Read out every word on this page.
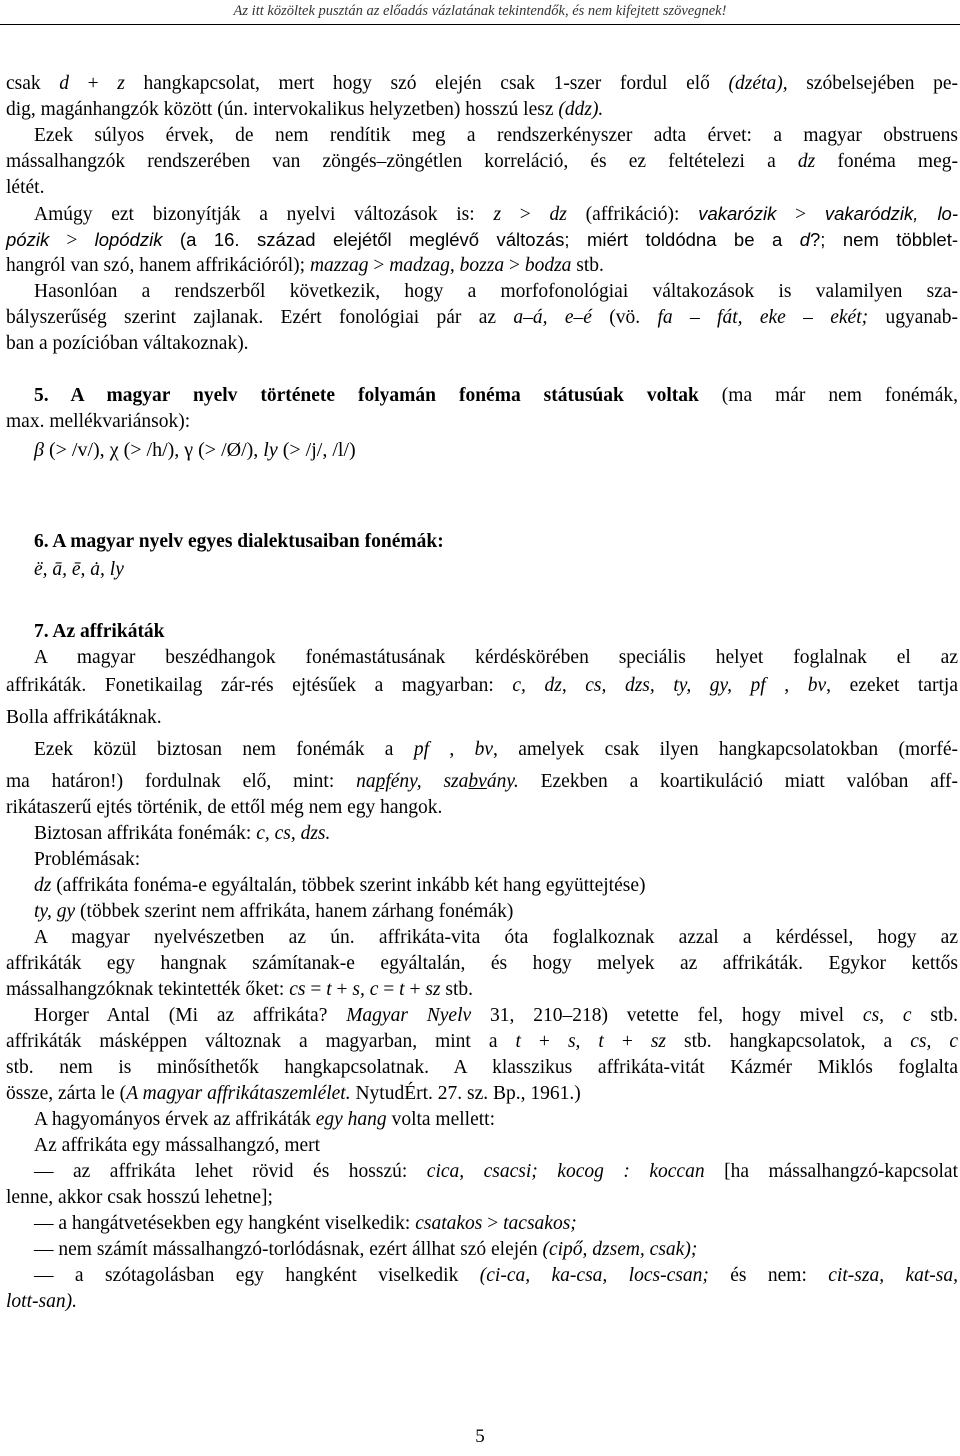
Az itt közöltek pusztán az előadás vázlatának tekintendők, és nem kifejtett szövegnek!
csak d + z hangkapcsolat, mert hogy szó elején csak 1-szer fordul elő (dzéta), szóbelsejében pe-
dig, magánhangzók között (ún. intervokalikus helyzetben) hosszú lesz (ddz).
Ezek súlyos érvek, de nem rendítik meg a rendszerkényszer adta érvet: a magyar obstruens
mássalhangzók rendszerében van zöngés–zöngétlen korreláció, és ez feltételezi a dz fonéma meg-
létét.
Amúgy ezt bizonyítják a nyelvi változások is: z > dz (affrikáció): vakarózik > vakaródzik, lo-
pózik > lopódzik (a 16. század elejétől meglévő változás; miért toldódna be a d?; nem többlet-
hangról van szó, hanem affrikációról); mazzag > madzag, bozza > bodza stb.
Hasonlóan a rendszerből következik, hogy a morfofonológiai váltakozások is valamilyen sza-
bályszerűség szerint zajlanak. Ezért fonológiai pár az a–á, e–é (vö. fa – fát, eke – ekét; ugyanab-
ban a pozícióban váltakoznak).
5. A magyar nyelv története folyamán fonéma státusúak voltak (ma már nem fonémák,
max. mellékvariánsok):
β (> /v/), χ (> /h/), γ (> /Ø/), ly (> /j/, /l/)
6. A magyar nyelv egyes dialektusaiban fonémák:
ë, ā, ē, ȧ, ly
7. Az affrikáták
A magyar beszédhangok fonémastátusának kérdéskörében speciális helyet foglalnak el az
affrikáták. Fonetikailag zár-rés ejtésűek a magyarban: c, dz, cs, dzs, ty, gy, pf , bv, ezeket tartja
Bolla affrikátáknak.
Ezek közül biztosan nem fonémák a pf , bv, amelyek csak ilyen hangkapcsolatokban (morfé-
ma határon!) fordulnak elő, mint: napfény, szabvány. Ezekben a koartikuláció miatt valóban aff-
rikátaszerű ejtés történik, de ettől még nem egy hangok.
Biztosan affrikáta fonémák: c, cs, dzs.
Problémásak:
dz (affrikáta fonéma-e egyáltalán, többek szerint inkább két hang együttejtése)
ty, gy (többek szerint nem affrikáta, hanem zárhang fonémák)
A magyar nyelvészetben az ún. affrikáta-vita óta foglalkoznak azzal a kérdéssel, hogy az
affrikáták egy hangnak számítanak-e egyáltalán, és hogy melyek az affrikáták. Egykor kettős
mássalhangzóknak tekintették őket: cs = t + s, c = t + sz stb.
Horger Antal (Mi az affrikáta? Magyar Nyelv 31, 210–218) vetette fel, hogy mivel cs, c stb.
affrikáták másképpen változnak a magyarban, mint a t + s, t + sz stb. hangkapcsolatok, a cs, c
stb. nem is minősíthetők hangkapcsolatnak. A klasszikus affrikáta-vitát Kázmér Miklós foglalta
össze, zárta le (A magyar affrikátaszemlélet. NytudÉrt. 27. sz. Bp., 1961.)
A hagyományos érvek az affrikáták egy hang volta mellett:
Az affrikáta egy mássalhangzó, mert
— az affrikáta lehet rövid és hosszú: cica, csacsi; kocog : koccan [ha mássalhangzó-kapcsolat
lenne, akkor csak hosszú lehetne];
— a hangátvetésekben egy hangként viselkedik: csatakos > tacsakos;
— nem számít mássalhangzó-torlódásnak, ezért állhat szó elején (cipő, dzsem, csak);
— a szótagolásban egy hangként viselkedik (ci-ca, ka-csa, locs-csan; és nem: cit-sza, kat-sa,
lott-san).
5
